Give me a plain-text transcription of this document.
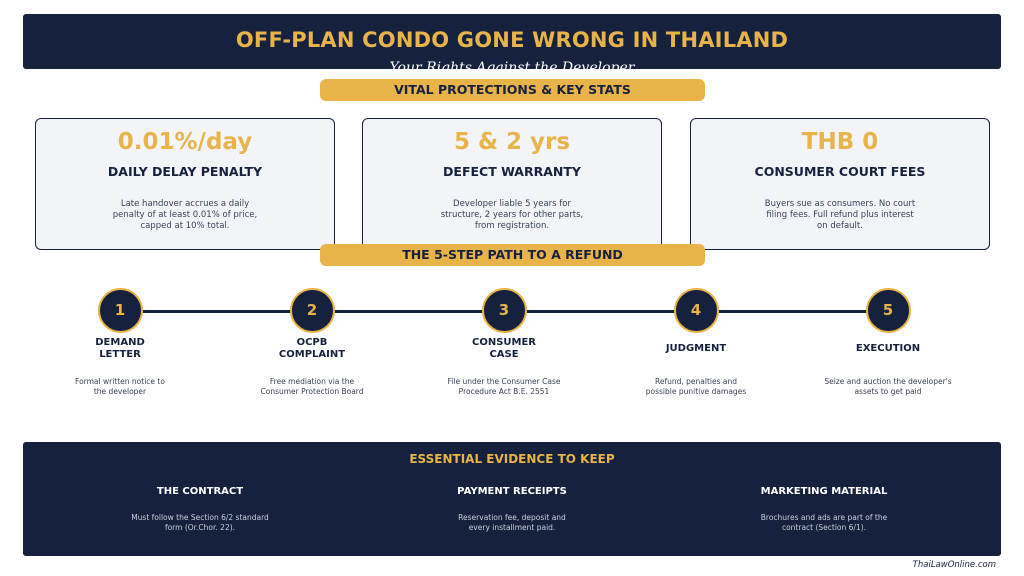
OFF-PLAN CONDO GONE WRONG IN THAILAND
Your Rights Against the Developer
VITAL PROTECTIONS & KEY STATS
0.01%/day
DAILY DELAY PENALTY
Late handover accrues a daily penalty of at least 0.01% of price, capped at 10% total.
5 & 2 yrs
DEFECT WARRANTY
Developer liable 5 years for structure, 2 years for other parts, from registration.
THB 0
CONSUMER COURT FEES
Buyers sue as consumers. No court filing fees. Full refund plus interest on default.
THE 5-STEP PATH TO A REFUND
1
DEMAND LETTER
Formal written notice to the developer
2
OCPB COMPLAINT
Free mediation via the Consumer Protection Board
3
CONSUMER CASE
File under the Consumer Case Procedure Act B.E. 2551
4
JUDGMENT
Refund, penalties and possible punitive damages
5
EXECUTION
Seize and auction the developer's assets to get paid
ESSENTIAL EVIDENCE TO KEEP
THE CONTRACT
Must follow the Section 6/2 standard form (Or.Chor. 22).
PAYMENT RECEIPTS
Reservation fee, deposit and every installment paid.
MARKETING MATERIAL
Brochures and ads are part of the contract (Section 6/1).
ThaiLawOnline.com
